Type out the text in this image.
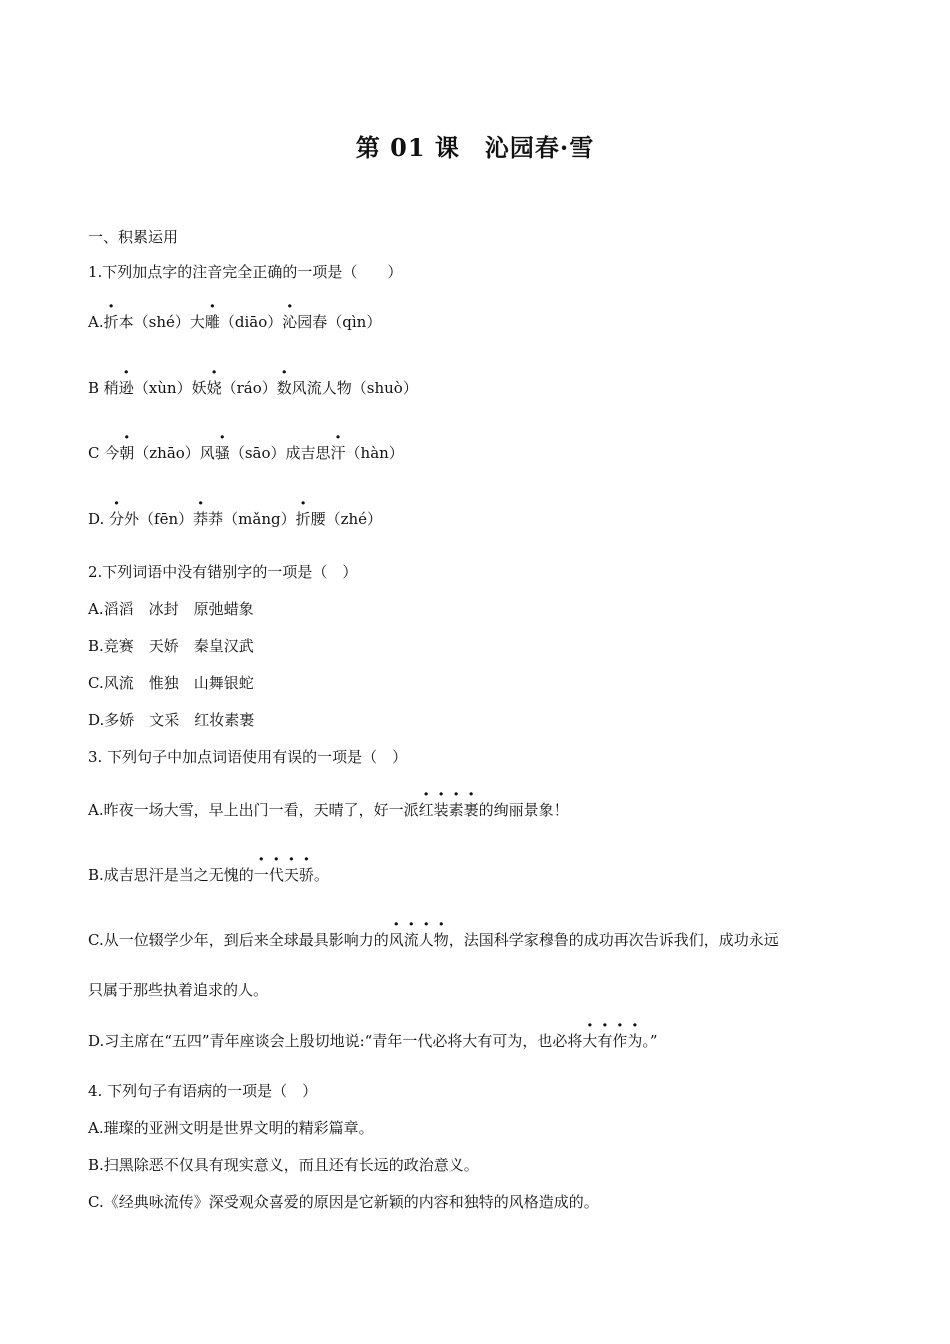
第 01 课　沁园春·雪
一、积累运用
1.下列加点字的注音完全正确的一项是（　　）
A.折本（shé）大雕（diāo）沁园春（qìn）
B 稍逊（xùn）妖娆（ráo）数风流人物（shuò）
C 今朝（zhāo）风骚（sāo）成吉思汗（hàn）
D. 分外（fēn）莽莽（mǎng）折腰（zhé）
2.下列词语中没有错别字的一项是（　）
A.滔滔　冰封　原弛蜡象
B.竞赛　天娇　秦皇汉武
C.风流　惟独　山舞银蛇
D.多娇　文采　红妆素裹
3. 下列句子中加点词语使用有误的一项是（　）
A.昨夜一场大雪，早上出门一看，天晴了，好一派红装素裹的绚丽景象！
B.成吉思汗是当之无愧的一代天骄。
C.从一位辍学少年，到后来全球最具影响力的风流人物，法国科学家穆鲁的成功再次告诉我们，成功永远
只属于那些执着追求的人。
D.习主席在“五四”青年座谈会上殷切地说:“青年一代必将大有可为，也必将大有作为。”
4. 下列句子有语病的一项是（　）
A.璀璨的亚洲文明是世界文明的精彩篇章。
B.扫黑除恶不仅具有现实意义，而且还有长远的政治意义。
C.《经典咏流传》深受观众喜爱的原因是它新颖的内容和独特的风格造成的。
